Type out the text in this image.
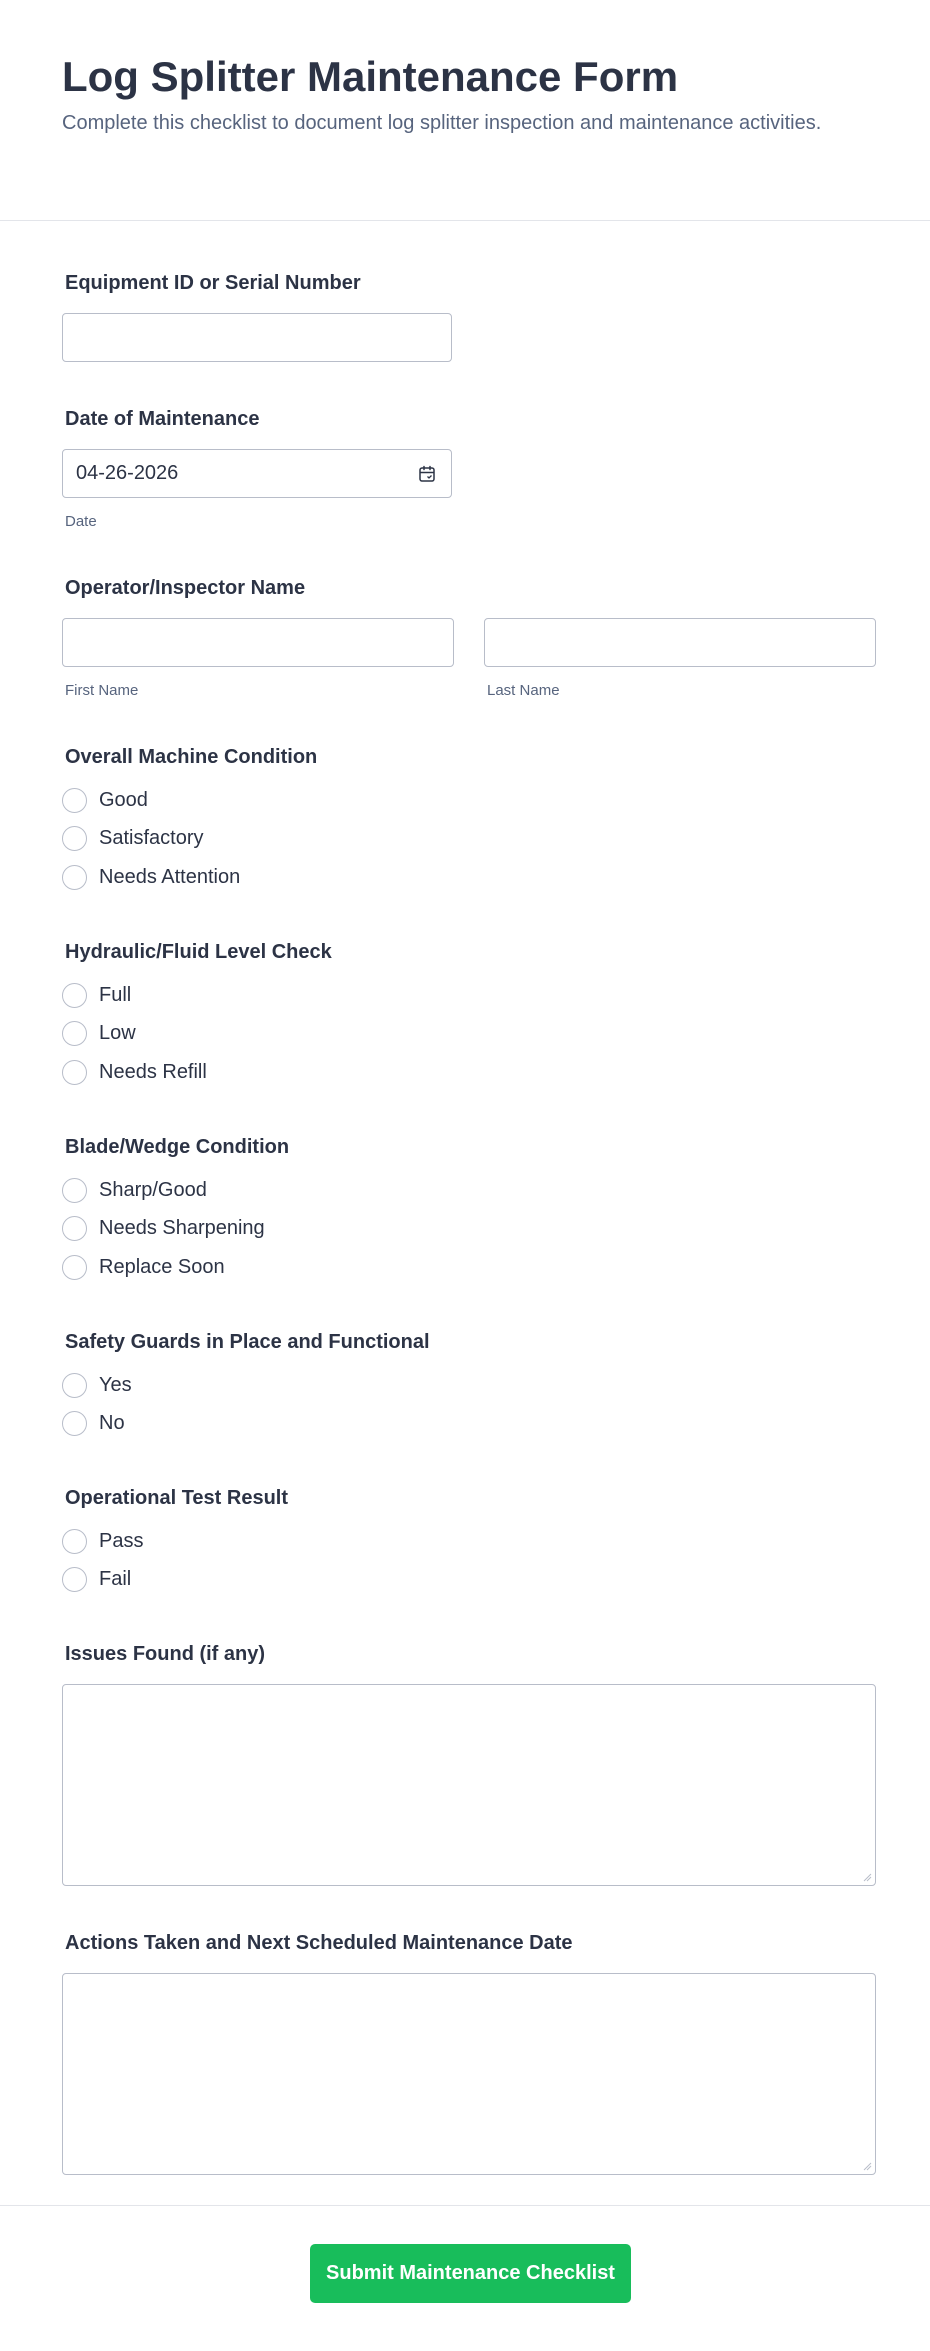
Log Splitter Maintenance Form

Complete this checklist to document log splitter inspection and maintenance activities.

Equipment ID or Serial Number
Date of Maintenance
04-26-2026
Date
Operator/Inspector Name
First Name	Last Name
Overall Machine Condition
Good
Satisfactory
Needs Attention
Hydraulic/Fluid Level Check
Full
Low
Needs Refill
Blade/Wedge Condition
Sharp/Good
Needs Sharpening
Replace Soon
Safety Guards in Place and Functional
Yes
No
Operational Test Result
Pass
Fail
Issues Found (if any)
Actions Taken and Next Scheduled Maintenance Date
Submit Maintenance Checklist
